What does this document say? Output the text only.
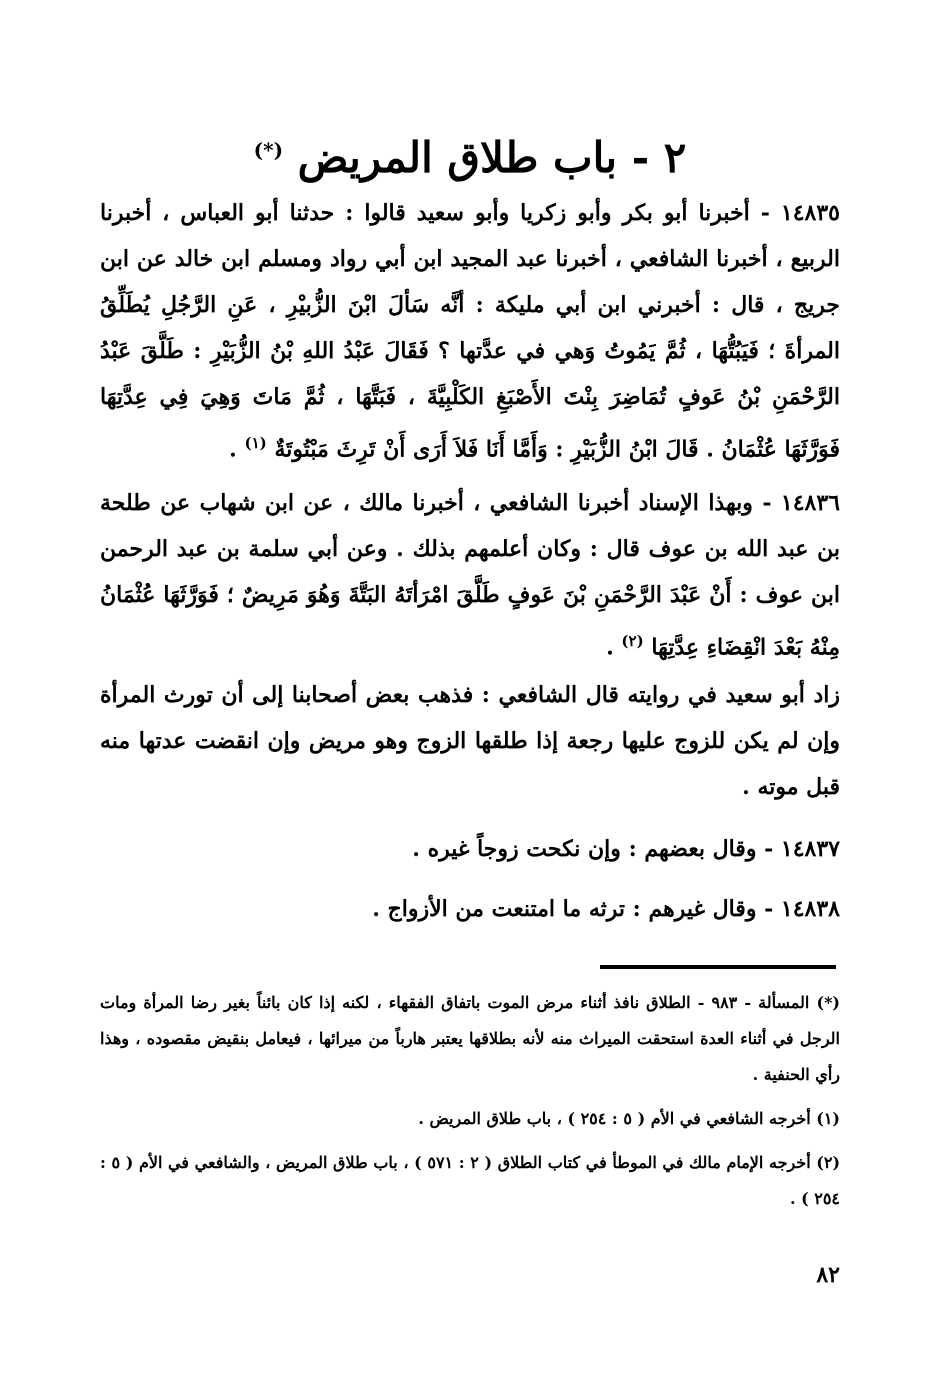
٢ - باب طلاق المريض (*)

١٤٨٣٥ - أخبرنا أبو بكر وأبو زكريا وأبو سعيد قالوا : حدثنا أبو العباس ، أخبرنا الربيع ، أخبرنا الشافعي ، أخبرنا عبد المجيد ابن أبي رواد ومسلم ابن خالد عن ابن جريج ، قال : أخبرني ابن أبي مليكة : أنَّه سَألَ ابْنَ الزُّبيْرِ ، عَنِ الرَّجُلِ يُطَلِّقُ المرأةَ ؛ فَيَبُتُّهَا ، ثُمَّ يَمُوتُ وَهي في عدَّتها ؟ فَقَالَ عَبْدُ اللهِ بْنُ الزُّبَيْرِ : طَلَّقَ عَبْدُ الرَّحْمَنِ بْنُ عَوفٍ تُمَاضِرَ بِنْتَ الأَصْبَغِ الكَلْبِيَّةَ ، فَبَتَّهَا ، ثُمَّ مَاتَ وَهِيَ فِي عِدَّتِهَا فَوَرَّثَهَا عُثْمَانُ . قَالَ ابْنُ الزُّبَيْرِ : وَأَمَّا أَنَا فَلاَ أَرَى أَنْ تَرِثَ مَبْتُوتَةٌ $^{(١)}$ .

١٤٨٣٦ - وبهذا الإسناد أخبرنا الشافعي ، أخبرنا مالك ، عن ابن شهاب عن طلحة بن عبد الله بن عوف قال : وكان أعلمهم بذلك . وعن أبي سلمة بن عبد الرحمن ابن عوف : أَنْ عَبْدَ الرَّحْمَنِ بْنَ عَوفٍ طَلَّقَ امْرَأتَهُ البَتَّةَ وَهُوَ مَرِيضٌ ؛ فَوَرَّثَهَا عُثْمَانُ مِنْهُ بَعْدَ انْقِضَاءِ عِدَّتِهَا $^{(٢)}$ .

زاد أبو سعيد في روايته قال الشافعي : فذهب بعض أصحابنا إلى أن تورث المرأة وإن لم يكن للزوج عليها رجعة إذا طلقها الزوج وهو مريض وإن انقضت عدتها منه قبل موته .

١٤٨٣٧ - وقال بعضهم : وإن نكحت زوجاً غيره .

١٤٨٣٨ - وقال غيرهم : ترثه ما امتنعت من الأزواج .

(*) المسألة - ٩٨٣ - الطلاق نافذ أثناء مرض الموت باتفاق الفقهاء ، لكنه إذا كان بائناً بغير رضا المرأة ومات الرجل في أثناء العدة استحقت الميراث منه لأنه بطلاقها يعتبر هارباً من ميرائها ، فيعامل بنقيض مقصوده ، وهذا رأي الحنفية .

(١) أخرجه الشافعي في الأم ( ٥ : ٢٥٤ ) ، باب طلاق المريض .

(٢) أخرجه الإمام مالك في الموطأ في كتاب الطلاق ( ٢ : ٥٧١ ) ، باب طلاق المريض ، والشافعي في الأم ( ٥ : ٢٥٤ ) .

٨٢
